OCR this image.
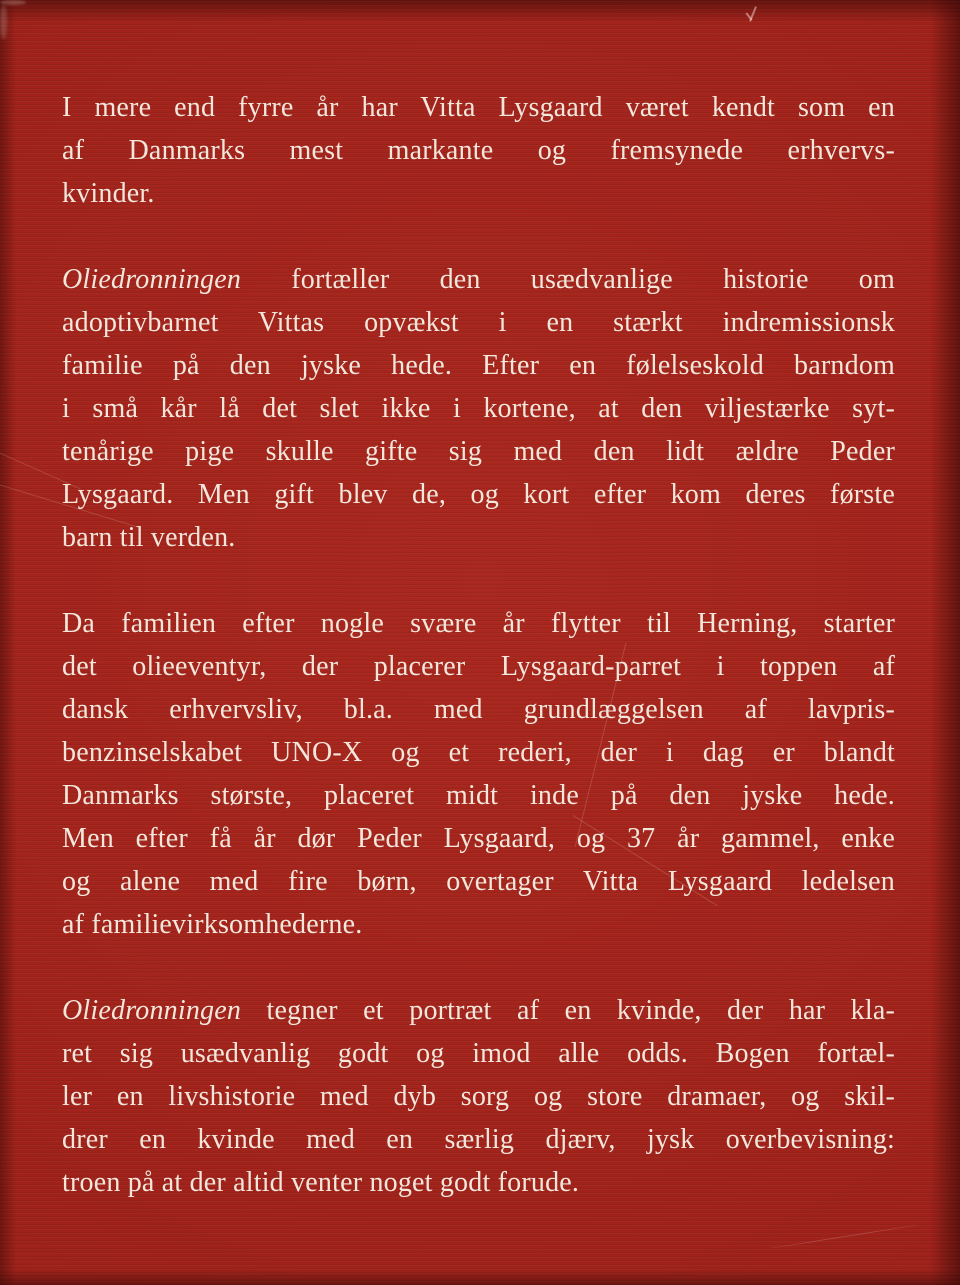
I mere end fyrre år har Vitta Lysgaard været kendt som en
af Danmarks mest markante og fremsynede erhvervs-
kvinder.
Oliedronningen fortæller den usædvanlige historie om
adoptivbarnet Vittas opvækst i en stærkt indremissionsk
familie på den jyske hede. Efter en følelseskold barndom
i små kår lå det slet ikke i kortene, at den viljestærke syt-
tenårige pige skulle gifte sig med den lidt ældre Peder
Lysgaard. Men gift blev de, og kort efter kom deres første
barn til verden.
Da familien efter nogle svære år flytter til Herning, starter
det olieeventyr, der placerer Lysgaard-parret i toppen af
dansk erhvervsliv, bl.a. med grundlæggelsen af lavpris-
benzinselskabet UNO-X og et rederi, der i dag er blandt
Danmarks største, placeret midt inde på den jyske hede.
Men efter få år dør Peder Lysgaard, og 37 år gammel, enke
og alene med fire børn, overtager Vitta Lysgaard ledelsen
af familievirksomhederne.
Oliedronningen tegner et portræt af en kvinde, der har kla-
ret sig usædvanlig godt og imod alle odds. Bogen fortæl-
ler en livshistorie med dyb sorg og store dramaer, og skil-
drer en kvinde med en særlig djærv, jysk overbevisning:
troen på at der altid venter noget godt forude.
